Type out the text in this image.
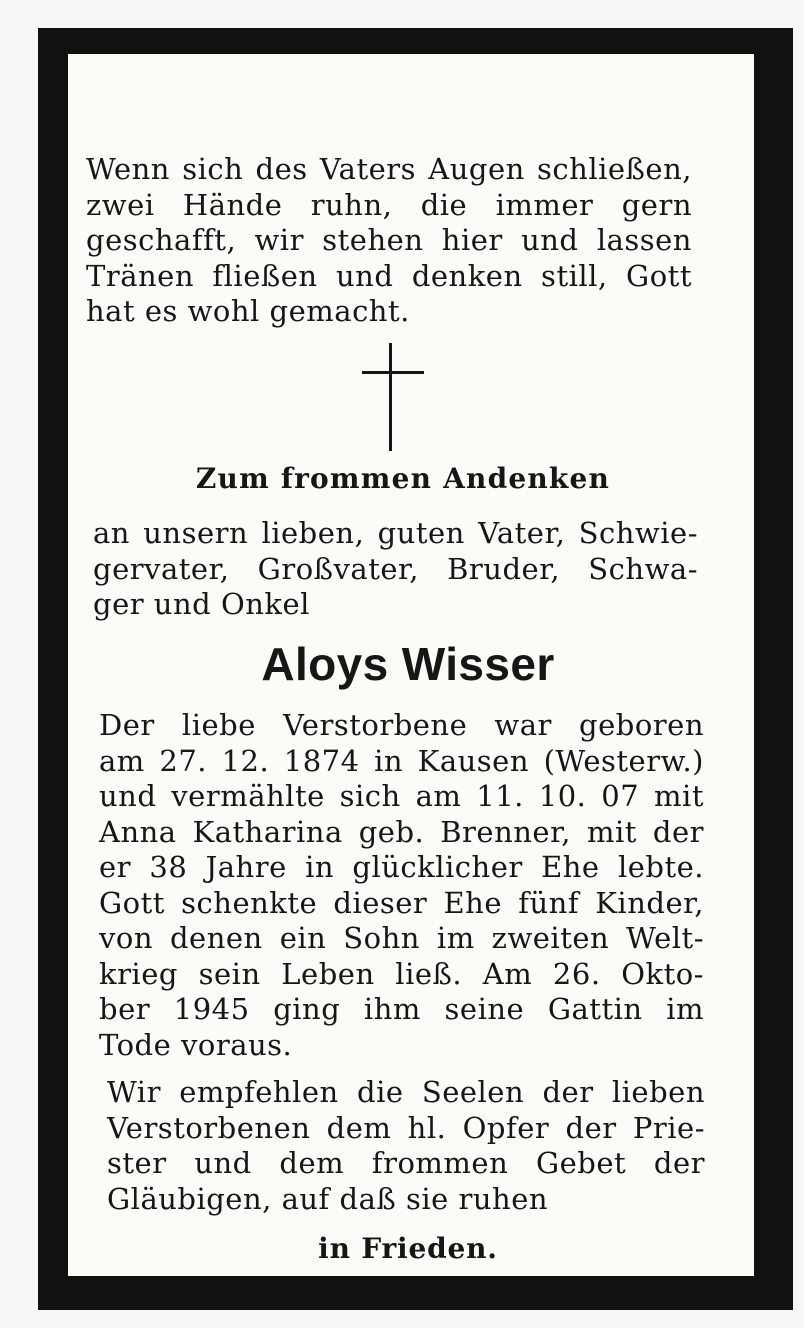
Wenn sich des Vaters Augen schließen,
zwei Hände ruhn, die immer gern
geschafft, wir stehen hier und lassen
Tränen fließen und denken still, Gott
hat es wohl gemacht.

Zum frommen Andenken

an unsern lieben, guten Vater, Schwie-
gervater, Großvater, Bruder, Schwa-
ger und Onkel

Aloys Wisser

Der liebe Verstorbene war geboren
am 27. 12. 1874 in Kausen (Westerw.)
und vermählte sich am 11. 10. 07 mit
Anna Katharina geb. Brenner, mit der
er 38 Jahre in glücklicher Ehe lebte.
Gott schenkte dieser Ehe fünf Kinder,
von denen ein Sohn im zweiten Welt-
krieg sein Leben ließ. Am 26. Okto-
ber 1945 ging ihm seine Gattin im
Tode voraus.

Wir empfehlen die Seelen der lieben
Verstorbenen dem hl. Opfer der Prie-
ster und dem frommen Gebet der
Gläubigen, auf daß sie ruhen

in Frieden.
